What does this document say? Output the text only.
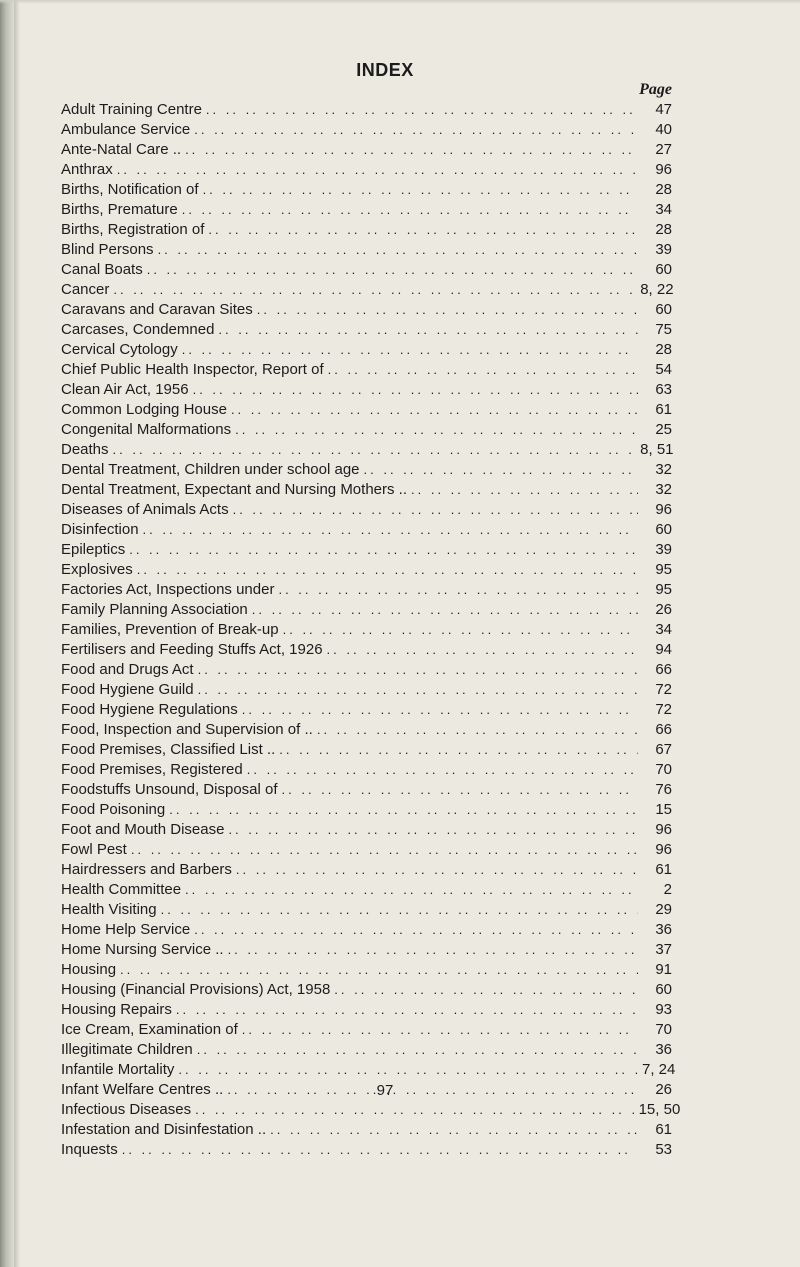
INDEX
Page
Adult Training Centre .. ..	47
Ambulance Service .. ..	40
Ante-Natal Care .. .. ..	27
Anthrax .. ..	96
Births, Notification of .. ..	28
Births, Premature .. ..	34
Births, Registration of .. ..	28
Blind Persons .. ..	39
Canal Boats .. ..	60
Cancer .. ..	8, 22
Caravans and Caravan Sites .. ..	60
Carcases, Condemned .. ..	75
Cervical Cytology .. ..	28
Chief Public Health Inspector, Report of .. ..	54
Clean Air Act, 1956 .. ..	63
Common Lodging House .. ..	61
Congenital Malformations .. ..	25
Deaths .. ..	8, 51
Dental Treatment, Children under school age .. ..	32
Dental Treatment, Expectant and Nursing Mothers .. .. ..	32
Diseases of Animals Acts .. ..	96
Disinfection .. ..	60
Epileptics .. ..	39
Explosives .. ..	95
Factories Act, Inspections under .. ..	95
Family Planning Association .. ..	26
Families, Prevention of Break-up .. ..	34
Fertilisers and Feeding Stuffs Act, 1926 .. ..	94
Food and Drugs Act .. ..	66
Food Hygiene Guild .. ..	72
Food Hygiene Regulations .. ..	72
Food, Inspection and Supervision of .. .. ..	66
Food Premises, Classified List .. .. ..	67
Food Premises, Registered .. ..	70
Foodstuffs Unsound, Disposal of .. ..	76
Food Poisoning .. ..	15
Foot and Mouth Disease .. ..	96
Fowl Pest .. ..	96
Hairdressers and Barbers .. ..	61
Health Committee .. ..	2
Health Visiting .. ..	29
Home Help Service .. ..	36
Home Nursing Service .. .. ..	37
Housing .. ..	91
Housing (Financial Provisions) Act, 1958 .. ..	60
Housing Repairs .. ..	93
Ice Cream, Examination of .. ..	70
Illegitimate Children .. ..	36
Infantile Mortality .. ..	7, 24
Infant Welfare Centres .. .. ..	26
Infectious Diseases .. ..	15, 50
Infestation and Disinfestation .. .. ..	61
Inquests .. ..	53
97
